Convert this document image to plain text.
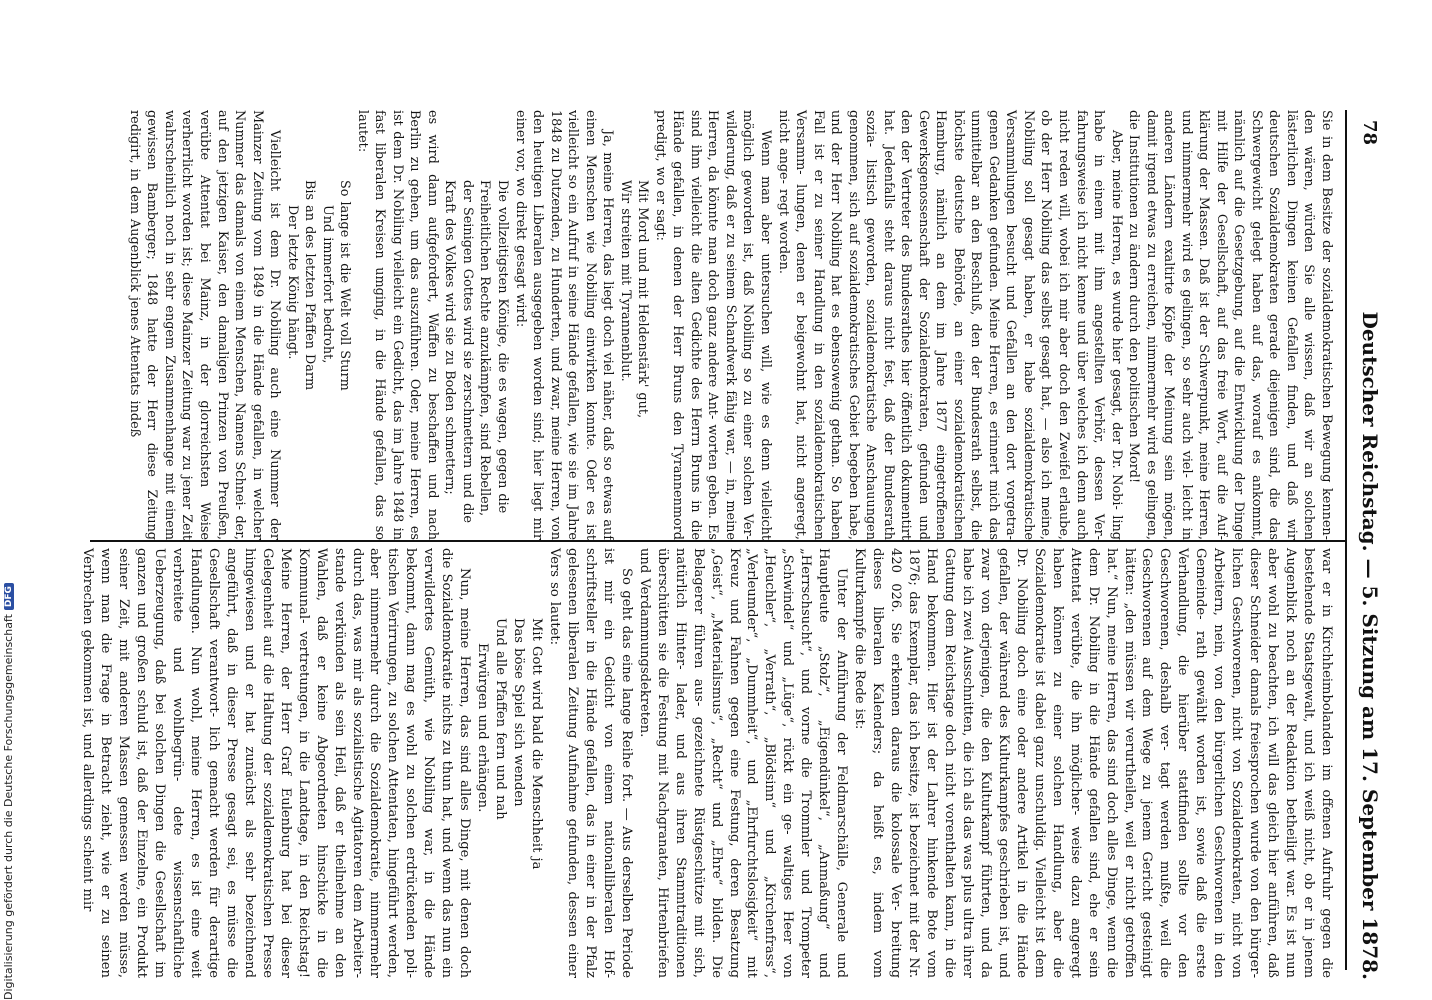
78
Deutscher Reichstag. — 5. Sitzung am 17. September 1878.

Sie in dem Besitze der sozialdemokratischen Bewegung kennen- den wären, würden Sie alle wissen, daß wir an solchen lästerlichen Dingen keinen Gefallen finden, und daß wir deutschen Sozialdemokraten gerade diejenigen sind, die das Schwergewicht gelegt haben auf das, worauf es ankommt, nämlich auf die Gesetzgebung, auf die Entwicklung der Dinge mit Hilfe der Gesellschaft, auf das freie Wort, auf die Auf- klärung der Massen. Daß ist der Schwerpunkt, meine Herren, und nimmermehr wird es gelingen, so sehr auch viel- leicht in anderen Ländern exaltirte Köpfe der Meinung sein mögen, damit irgend etwas zu erreichen, nimmermehr wird es gelingen, die Institutionen zu ändern durch den politischen Mord!

Aber, meine Herren, es wurde hier gesagt, der Dr. Nobi- ling habe in einem mit ihm angestellten Verhör, dessen Ver- fahrungsweise ich nicht kenne und über welches ich denn auch nicht reden will, wobei ich mir aber doch den Zweifel erlaube, ob der Herr Nobiling das selbst gesagt hat, — also ich meine, Nobiling soll gesagt haben, er habe sozialdemokratische Versammlungen besucht und Gefallen an den dort vorgetra- genen Gedanken gefunden. Meine Herren, es erinnert mich das unmittelbar an den Beschluß, den der Bundesrath selbst, die höchste deutsche Behörde, an einer sozialdemokratischen Hamburg, nämlich an dem im Jahre 1877 eingetroffenen Gewerksgenossenschaft der Sozialdemokraten, gefunden und den der Vertreter des Bundesrathes hier öffentlich dokumentirt hat. Jedenfalls steht daraus nicht fest, daß der Bundesrath sozia- listisch geworden, sozialdemokratische Anschauungen genommen, sich auf sozialdemokratisches Gebiet begeben habe, und der Herr Nobiling hat es ebensowenig gethan. So haben Fall ist er zu seiner Handlung in den sozialdemokratischen Versamm- lungen, denen er beigewohnt hat, nicht angeregt, nicht ange- regt worden.

Wenn man aber untersuchen will, wie es denn vielleicht möglich geworden ist, daß Nobiling so zu einer solchen Ver- wilderung, daß er zu seinem Schandwerk fähig war, — in, meine Herren, da könnte man doch ganz andere Ant- worten geben. Es sind ihm vielleicht die alten Gedichte des Herrn Bruns in die Hände gefallen, in denen der Herr Bruns den Tyrannenmord predigt, wo er sagt:

Mit Mord und mit Heldenstärk' gut,

Wir streiten mit Tyrannenblut.

Ja, meine Herren, das liegt doch viel näher, daß so etwas auf einen Menschen wie Nobiling einwirken konnte. Oder es ist vielleicht so ein Aufruf in seine Hände gefallen, wie sie im Jahre 1848 zu Dutzenden, zu Hunderten, und zwar, meine Herren, von den heutigen Liberalen ausgegeben worden sind; hier liegt mir einer vor, wo direkt gesagt wird:

Die vollzeitigsten Könige, die es wagen, gegen die Freiheitlichen Rechte anzukämpfen, sind Rebellen, der Seinigen Gottes wird sie zerschmettern und die Kraft des Volkes wird sie zu Boden schmettern;

es wird dann aufgefordert, Waffen zu beschaffen und nach Berlin zu gehen, um das auszuführen. Oder, meine Herren, es ist dem Dr. Nobiling vielleicht ein Gedicht, das im Jahre 1848 in fast liberalen Kreisen umging, in die Hände gefallen, das so lautet:

So lange ist die Welt voll Sturm

Und immerfort bedroht,

Bis an des letzten Pfaffen Darm

Der letzte König hängt.

Vielleicht ist dem Dr. Nobiling auch eine Nummer der Mainzer Zeitung vom 1849 in die Hände gefallen, in welcher Nummer das damals von einem Menschen, Namens Schnei- der, auf den jetzigen Kaiser, den damaligen Prinzen von Preußen, verübte Attentat bei Mainz, in der glorreichsten Weise verherrlicht worden ist; diese Mainzer Zeitung war zu jener Zeit wahrscheinlich noch in sehr engem Zusammenhange mit einem gewissen Bamberger; 1848 hatte der Herr diese Zeitung redigirt, in dem Augenblick jenes Attentats indeß

war er in Kirchheimbolanden im offenen Aufruhr gegen die bestehende Staatsgewalt, und ich weiß nicht, ob er in jenem Augenblick noch an der Redaktion betheiligt war. Es ist nun aber wohl zu beachten, ich will das gleich hier anführen, daß dieser Schneider damals freiesprochen wurde von den bürger- lichen Geschworenen, nicht von Sozialdemokraten, nicht von Arbeitern, nein, von den bürgerlichen Geschworenen in den Gemeinde- rath gewählt worden ist, sowie daß die erste Verhandlung, die hierüber stattfinden sollte vor den Geschworenen, deshalb ver- tagt werden mußte, weil die Geschworenen auf dem Wege zu jenem Gericht gesteinigt hätten: „den müssen wir verurtheilen, weil er nicht getroffen hat.“ Nun, meine Herren, das sind doch alles Dinge, wenn die dem Dr. Nobiling in die Hände gefallen sind, ehe er sein Attentat verübte, die ihn möglicher- weise dazu angeregt haben können zu einer solchen Handlung, aber die Sozialdemokratie ist dabei ganz unschuldig. Vielleicht ist dem Dr. Nobiling doch eine oder andere Artikel in die Hände gefallen, der während des Kulturkampfes geschrieben ist, und zwar von derjenigen, die den Kulturkampf führten, und da habe ich zwei Ausschnitten, die ich als das was plus ultra ihrer Gattung dem Reichstage doch nicht vorenthalten kann, in die Hand bekommen. Hier ist der Lahrer hinkende Bote vom 1876; das Exemplar, das ich besitze, ist bezeichnet mit der Nr. 420 026. Sie erkennen daraus die kolossale Ver- breitung dieses liberalen Kalenders; da heißt es, indem vom Kulturkampfe die Rede ist:

Unter der Anführung der Feldmarschälle, Generale und Hauptleute „Stolz“, „Eigendünkel“, „Anmaßung“ und „Herrschsucht“, und vorne die Trommler und Trompeter „Schwindel“ und „Lüge“, rückt ein ge- waltiges Heer von „Heuchler“, „Verrath“, „Blödsinn“ und „Kirchenfrass“, „Verleumder“, „Dummheit“, und „Ehrfurchtslosigkeit“ mit Kreuz und Fahnen gegen eine Festung, deren Besatzung „Geist“, „Materialismus“, „Recht“ und „Ehre“ bilden. Die Belagerer führen aus- gezeichnete Rüstgeschütze mit sich, natürlich Hinter- lader, und aus ihren Stammtraditionen überschütten sie die Festung mit Nachgranaten, Hirtenbriefen und Verdammungsdekreten.

So geht das eine lange Reihe fort. — Aus derselben Periode ist mir ein Gedicht von einem nationalliberalen Hof- schriftsteller in die Hände gefallen, das in einer in der Pfalz gelesenen liberalen Zeitung Aufnahme gefunden, dessen einer Vers so lautet:

Mit Gott wird bald die Menschheit ja

Das böse Spiel sich wenden

Und alle Pfaffen fern und nah

Erwürgen und erhängen.

Nun, meine Herren, das sind alles Dinge, mit denen doch die Sozialdemokratie nichts zu thun hat, und wenn das nun ein verwildertes Gemüth, wie Nobiling war, in die Hände bekommt, dann mag es wohl zu solchen erdrückenden poli- tischen Verirrungen, zu solchen Attentaten, hingeführt werden, aber nimmermehr durch die Sozialdemokratie, nimmermehr durch das, was mir als sozialistische Agitatoren dem Arbeiter- stande verkünden als sein Heil, daß er theilnehme an den Wahlen, daß er keine Abgeordneten hinschicke in die Kommunal- vertretungen, in die Landtage, in den Reichstag! Meine Herren, der Herr Graf Eulenburg hat bei dieser Gelegenheit auf die Haltung der sozialdemokratischen Presse hingewiesen und er hat zunächst als sehr bezeichnend angeführt, daß in dieser Presse gesagt sei, es müsse die Gesellschaft verantwort- lich gemacht werden für derartige Handlungen. Nun wohl, meine Herren, es ist eine weit verbreitete und wohlbegrün- dete wissenschaftliche Ueberzeugung, daß bei solchen Dingen die Gesellschaft im ganzen und großen schuld ist, daß der Einzelne, ein Produkt seiner Zeit, mit anderen Massen gemessen werden müsse, wenn man die Frage in Betracht zieht, wie er zu seinen Verbrechen gekommen ist, und allerdings scheint mir

Digitalisierung gefördert durch die Deutsche Forschungsgemeinschaft
DFG
